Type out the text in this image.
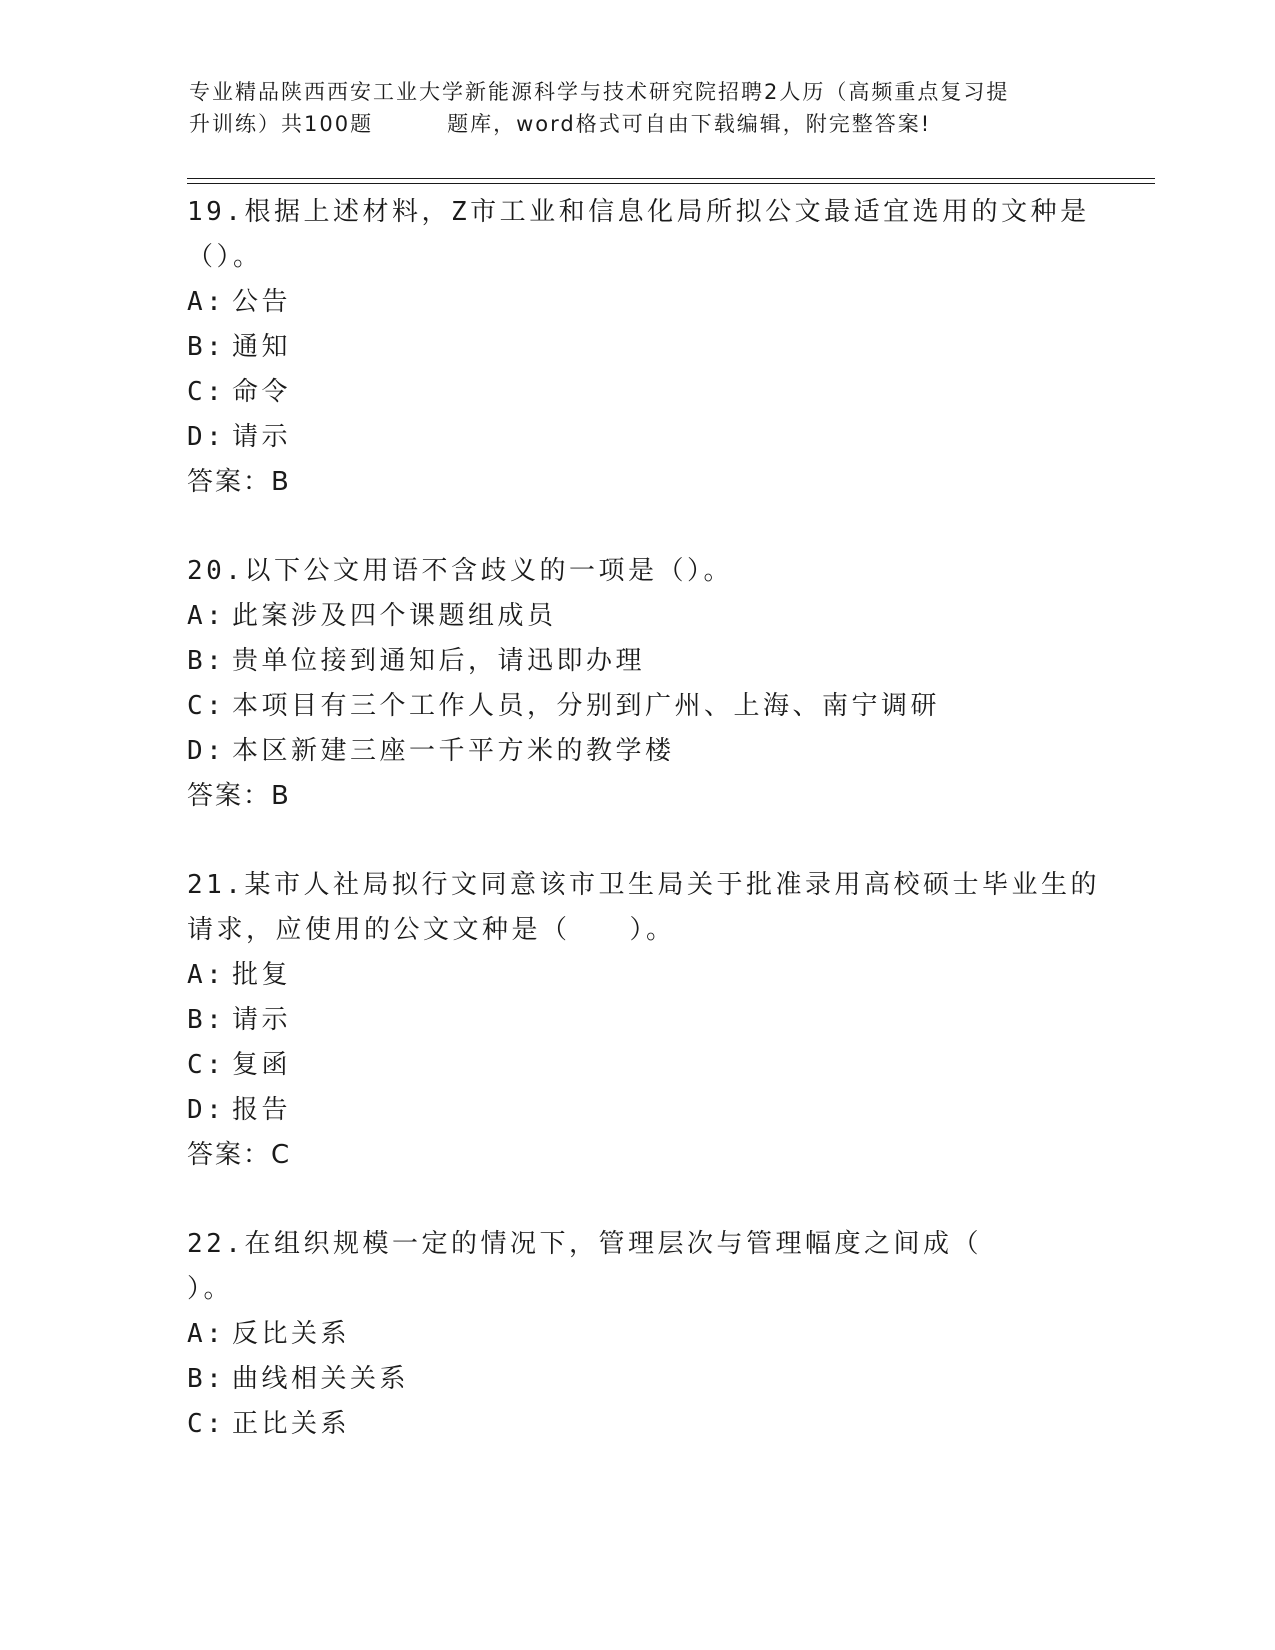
专业精品陕西西安工业大学新能源科学与技术研究院招聘2人历（高频重点复习提
升训练）共100题	题库，word格式可自由下载编辑，附完整答案!
19.根据上述材料，Z市工业和信息化局所拟公文最适宜选用的文种是
（）。
A: 公告
B: 通知
C: 命令
D: 请示
答案：B
20.以下公文用语不含歧义的一项是（）。
A: 此案涉及四个课题组成员
B: 贵单位接到通知后，请迅即办理
C: 本项目有三个工作人员，分别到广州、上海、南宁调研
D: 本区新建三座一千平方米的教学楼
答案：B
21.某市人社局拟行文同意该市卫生局关于批准录用高校硕士毕业生的
请求，应使用的公文文种是（　　）。
A: 批复
B: 请示
C: 复函
D: 报告
答案：C
22.在组织规模一定的情况下，管理层次与管理幅度之间成（
）。
A: 反比关系
B: 曲线相关关系
C: 正比关系
